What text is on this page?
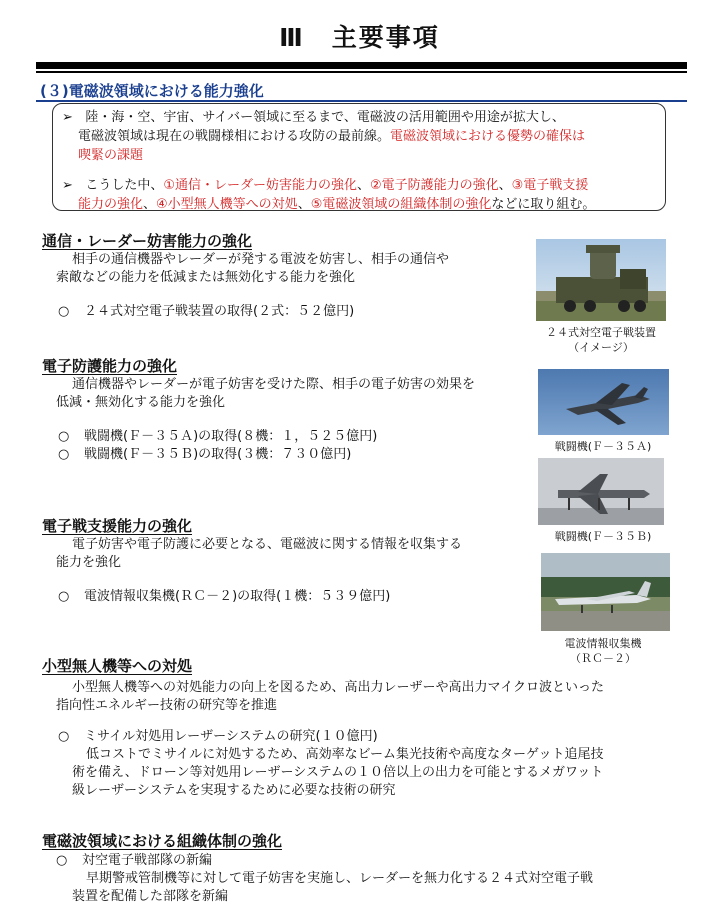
Ⅲ　主要事項
(３)電磁波領域における能力強化
➢ 陸・海・空、宇宙、サイバー領域に至るまで、電磁波の活用範囲や用途が拡大し、
電磁波領域は現在の戦闘様相における攻防の最前線。電磁波領域における優勢の確保は
喫緊の課題
➢ こうした中、①通信・レーダー妨害能力の強化、②電子防護能力の強化、③電子戦支援
能力の強化、④小型無人機等への対処、⑤電磁波領域の組織体制の強化などに取り組む。
通信・レーダー妨害能力の強化
相手の通信機器やレーダーが発する電波を妨害し、相手の通信や
索敵などの能力を低減または無効化する能力を強化
○ ２４式対空電子戦装置の取得(２式：５２億円)
電子防護能力の強化
通信機器やレーダーが電子妨害を受けた際、相手の電子妨害の効果を
低減・無効化する能力を強化
○ 戦闘機(Ｆ－３５Ａ)の取得(８機：１，５２５億円)
○ 戦闘機(Ｆ－３５Ｂ)の取得(３機：７３０億円)
電子戦支援能力の強化
電子妨害や電子防護に必要となる、電磁波に関する情報を収集する
能力を強化
○ 電波情報収集機(ＲＣ－２)の取得(１機：５３９億円)
小型無人機等への対処
小型無人機等への対処能力の向上を図るため、高出力レーザーや高出力マイクロ波といった
指向性エネルギー技術の研究等を推進
○ ミサイル対処用レーザーシステムの研究(１０億円)
低コストでミサイルに対処するため、高効率なビーム集光技術や高度なターゲット追尾技
術を備え、ドローン等対処用レーザーシステムの１０倍以上の出力を可能とするメガワット
級レーザーシステムを実現するために必要な技術の研究
電磁波領域における組織体制の強化
○ 対空電子戦部隊の新編
早期警戒管制機等に対して電子妨害を実施し、レーダーを無力化する２４式対空電子戦
装置を配備した部隊を新編
２４式対空電子戦装置
（イメージ）
戦闘機(Ｆ－３５Ａ)
戦闘機(Ｆ－３５Ｂ)
電波情報収集機
（ＲＣ－２）
